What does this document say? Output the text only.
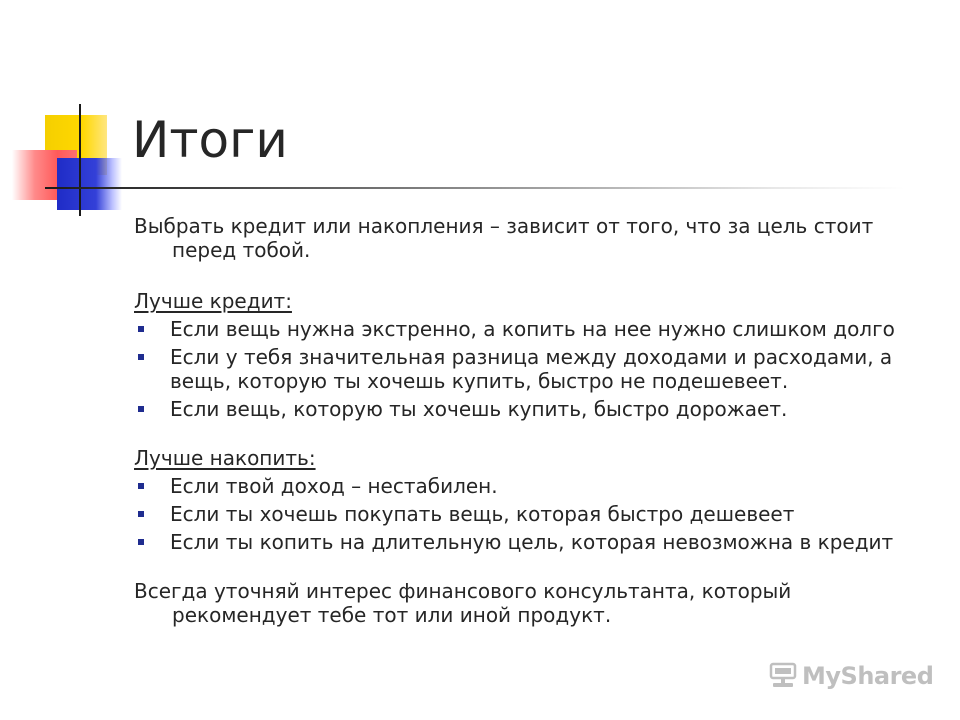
Итоги

Выбрать кредит или накопления – зависит от того, что за цель стоит перед тобой.

Лучше кредит:

Если вещь нужна экстренно, а копить на нее нужно слишком долго
Если у тебя значительная разница между доходами и расходами, а вещь, которую ты хочешь купить, быстро не подешевеет.
Если вещь, которую ты хочешь купить, быстро дорожает.

Лучше накопить:

Если твой доход – нестабилен.
Если ты хочешь покупать вещь, которая быстро дешевеет
Если ты копить на длительную цель, которая невозможна в кредит

Всегда уточняй интерес финансового консультанта, который рекомендует тебе тот или иной продукт.

MyShared
